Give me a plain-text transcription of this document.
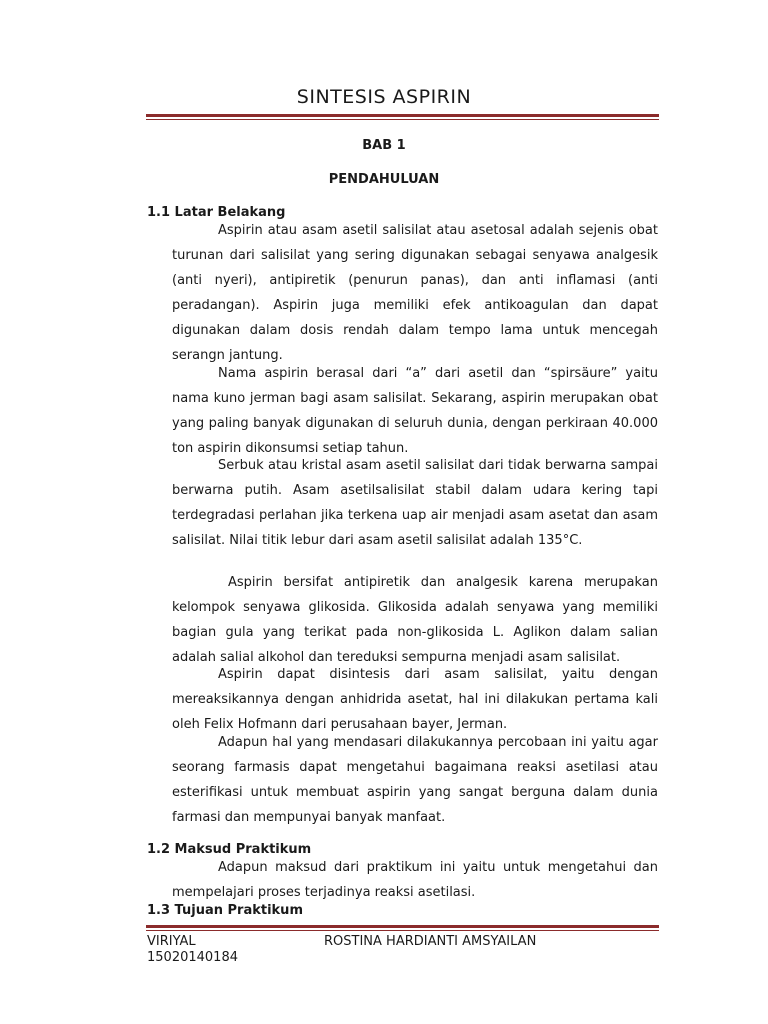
SINTESIS ASPIRIN
BAB 1
PENDAHULUAN
1.1 Latar Belakang

Aspirin atau asam asetil salisilat atau asetosal adalah sejenis obat turunan dari salisilat yang sering digunakan sebagai senyawa analgesik (anti nyeri), antipiretik (penurun panas), dan anti inflamasi (anti peradangan). Aspirin juga memiliki efek antikoagulan dan dapat digunakan dalam dosis rendah dalam tempo lama untuk mencegah serangn jantung.

Nama aspirin berasal dari “a” dari asetil dan “spirsäure” yaitu nama kuno jerman bagi asam salisilat. Sekarang, aspirin merupakan obat yang paling banyak digunakan di seluruh dunia, dengan perkiraan 40.000 ton aspirin dikonsumsi setiap tahun.

Serbuk atau kristal asam asetil salisilat dari tidak berwarna sampai berwarna putih. Asam asetilsalisilat stabil dalam udara kering tapi terdegradasi perlahan jika terkena uap air menjadi asam asetat dan asam salisilat. Nilai titik lebur dari asam asetil salisilat adalah 135°C.

Aspirin bersifat antipiretik dan analgesik karena merupakan kelompok senyawa glikosida. Glikosida adalah senyawa yang memiliki bagian gula yang terikat pada non-glikosida L. Aglikon dalam salian adalah salial alkohol dan tereduksi sempurna menjadi asam salisilat.

Aspirin dapat disintesis dari asam salisilat, yaitu dengan mereaksikannya dengan anhidrida asetat, hal ini dilakukan pertama kali oleh Felix Hofmann dari perusahaan bayer, Jerman.

Adapun hal yang mendasari dilakukannya percobaan ini yaitu agar seorang farmasis dapat mengetahui bagaimana reaksi asetilasi atau esterifikasi untuk membuat aspirin yang sangat berguna dalam dunia farmasi dan mempunyai banyak manfaat.

1.2 Maksud Praktikum

Adapun maksud dari praktikum ini yaitu untuk mengetahui dan mempelajari proses terjadinya reaksi asetilasi.

1.3 Tujuan Praktikum
VIRIYAL
15020140184
ROSTINA HARDIANTI AMSYAILAN
